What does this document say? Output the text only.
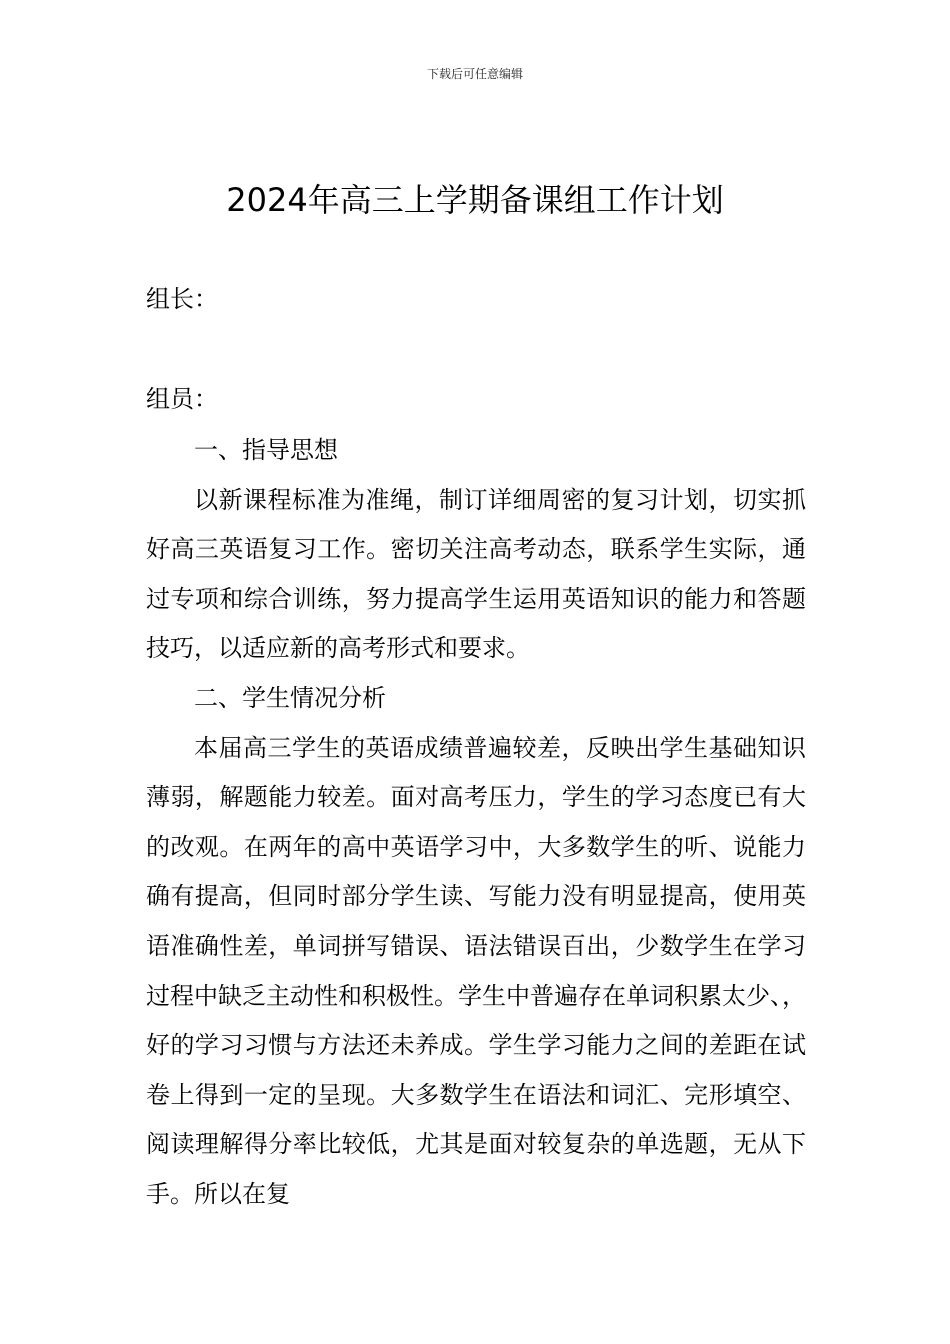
下载后可任意编辑
2024年高三上学期备课组工作计划
组长：
组员：
一、指导思想

以新课程标准为准绳，制订详细周密的复习计划，切实抓好高三英语复习工作。密切关注高考动态，联系学生实际，通过专项和综合训练，努力提高学生运用英语知识的能力和答题技巧，以适应新的高考形式和要求。

二、学生情况分析

本届高三学生的英语成绩普遍较差，反映出学生基础知识薄弱，解题能力较差。面对高考压力，学生的学习态度已有大的改观。在两年的高中英语学习中，大多数学生的听、说能力确有提高，但同时部分学生读、写能力没有明显提高，使用英语准确性差，单词拼写错误、语法错误百出，少数学生在学习过程中缺乏主动性和积极性。学生中普遍存在单词积累太少、，好的学习习惯与方法还未养成。学生学习能力之间的差距在试卷上得到一定的呈现。大多数学生在语法和词汇、完形填空、阅读理解得分率比较低，尤其是面对较复杂的单选题，无从下手。所以在复
